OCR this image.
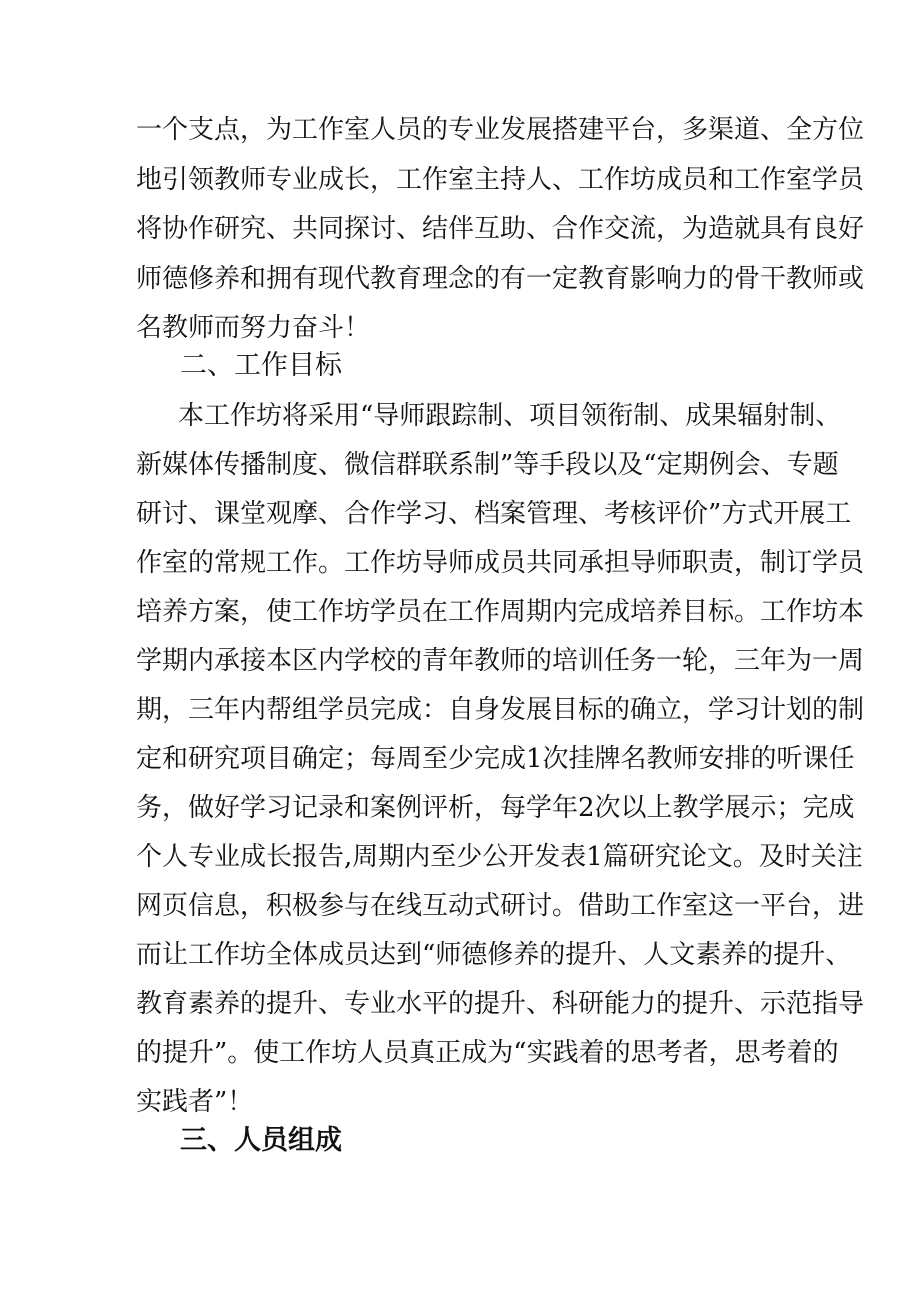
一个支点，为工作室人员的专业发展搭建平台，多渠道、全方位
地引领教师专业成长，工作室主持人、工作坊成员和工作室学员
将协作研究、共同探讨、结伴互助、合作交流，为造就具有良好
师德修养和拥有现代教育理念的有一定教育影响力的骨干教师或
名教师而努力奋斗！
二、工作目标
本工作坊将采用“导师跟踪制、项目领衔制、成果辐射制、
新媒体传播制度、微信群联系制”等手段以及“定期例会、专题
研讨、课堂观摩、合作学习、档案管理、考核评价”方式开展工
作室的常规工作。工作坊导师成员共同承担导师职责，制订学员
培养方案，使工作坊学员在工作周期内完成培养目标。工作坊本
学期内承接本区内学校的青年教师的培训任务一轮，三年为一周
期，三年内帮组学员完成：自身发展目标的确立，学习计划的制
定和研究项目确定；每周至少完成1次挂牌名教师安排的听课任
务，做好学习记录和案例评析，每学年2次以上教学展示；完成
个人专业成长报告,周期内至少公开发表1篇研究论文。及时关注
网页信息，积极参与在线互动式研讨。借助工作室这一平台，进
而让工作坊全体成员达到“师德修养的提升、人文素养的提升、
教育素养的提升、专业水平的提升、科研能力的提升、示范指导
的提升”。使工作坊人员真正成为“实践着的思考者，思考着的
实践者”！
三、人员组成
